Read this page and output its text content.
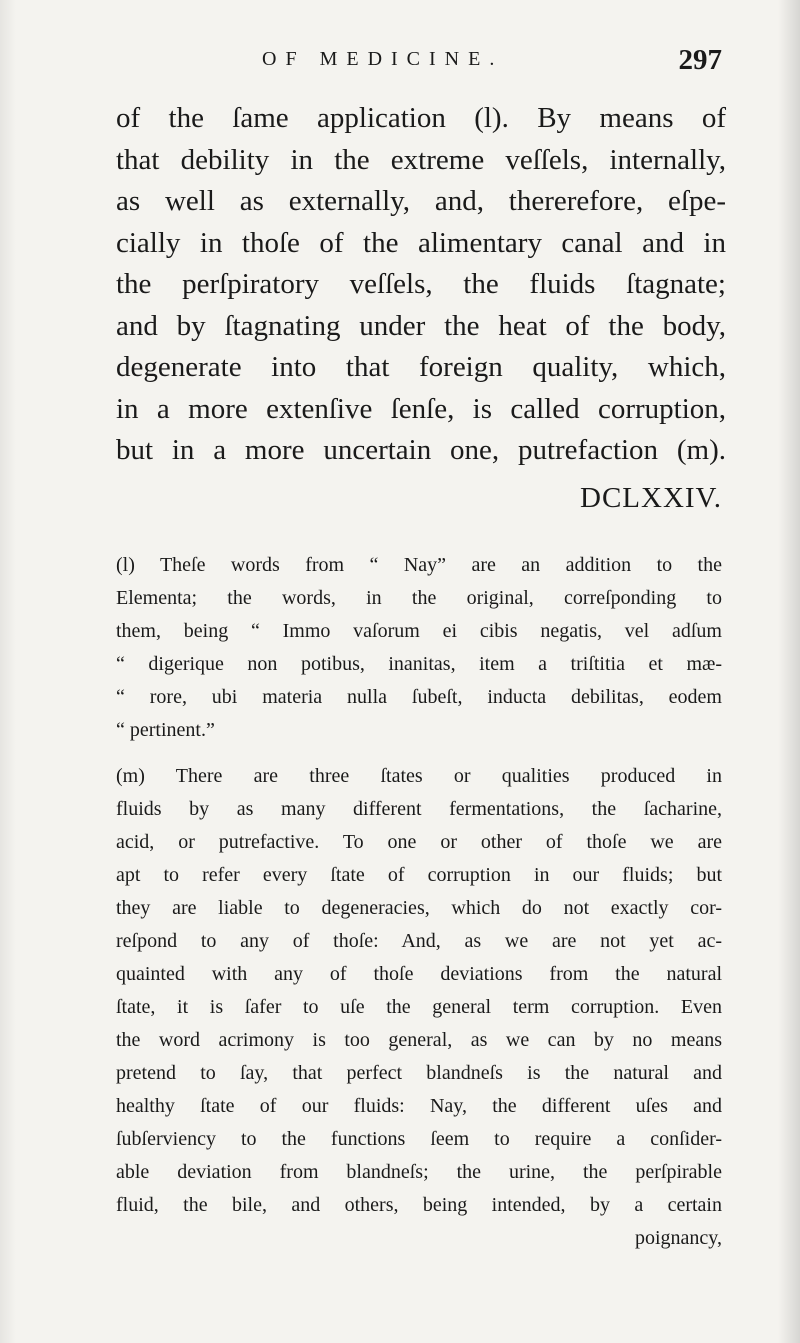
OF MEDICINE.	297
of the ſame application (l). By means of
that debility in the extreme veſſels, internally,
as well as externally, and, thererefore, eſpe-
cially in thoſe of the alimentary canal and in
the perſpiratory veſſels, the fluids ſtagnate;
and by ſtagnating under the heat of the body,
degenerate into that foreign quality, which,
in a more extenſive ſenſe, is called corruption,
but in a more uncertain one, putrefaction (m).
DCLXXIV.
(l) Theſe words from “ Nay” are an addition to the
Elementa; the words, in the original, correſponding to
them, being “ Immo vaſorum ei cibis negatis, vel adſum
“ digerique non potibus, inanitas, item a triſtitia et mæ-
“ rore, ubi materia nulla ſubeſt, inducta debilitas, eodem
“ pertinent.”
(m) There are three ſtates or qualities produced in
fluids by as many different fermentations, the ſacharine,
acid, or putrefactive. To one or other of thoſe we are
apt to refer every ſtate of corruption in our fluids; but
they are liable to degeneracies, which do not exactly cor-
reſpond to any of thoſe: And, as we are not yet ac-
quainted with any of thoſe deviations from the natural
ſtate, it is ſafer to uſe the general term corruption. Even
the word acrimony is too general, as we can by no means
pretend to ſay, that perfect blandneſs is the natural and
healthy ſtate of our fluids: Nay, the different uſes and
ſubſerviency to the functions ſeem to require a conſider-
able deviation from blandneſs; the urine, the perſpirable
fluid, the bile, and others, being intended, by a certain
poignancy,
